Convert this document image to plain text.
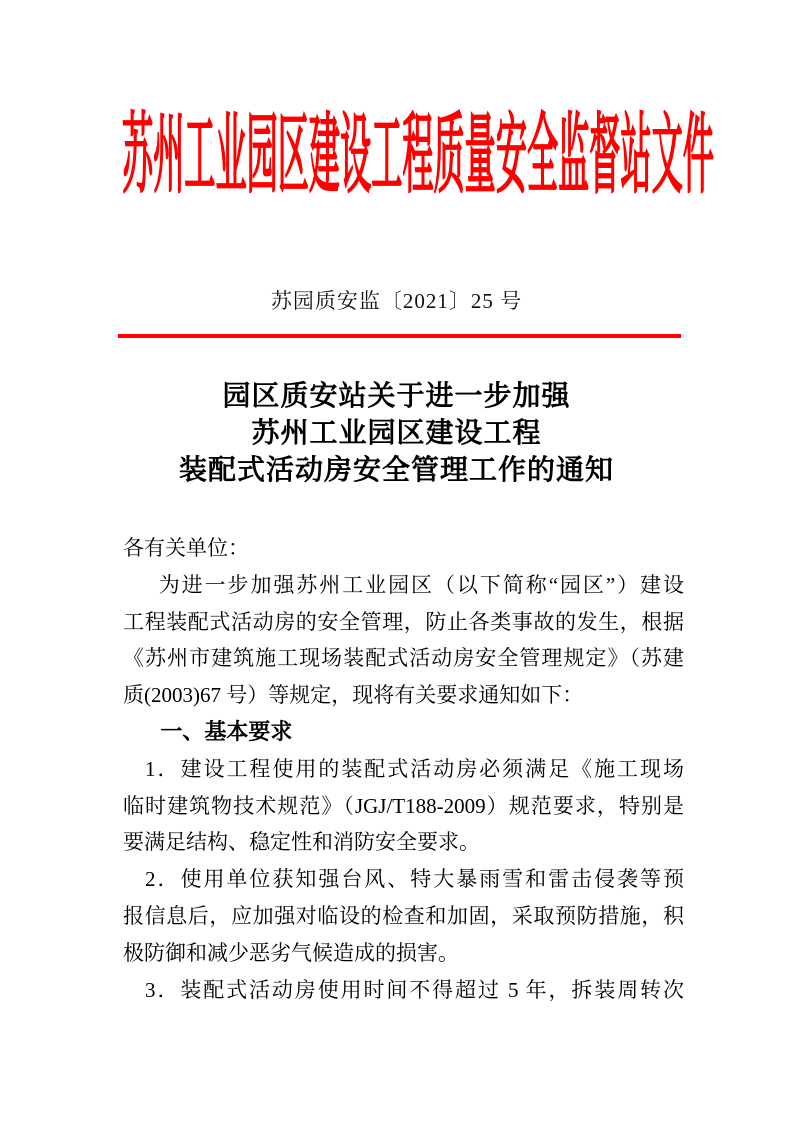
苏州工业园区建设工程质量安全监督站文件
苏园质安监〔2021〕25 号
园区质安站关于进一步加强
苏州工业园区建设工程
装配式活动房安全管理工作的通知
各有关单位：
为进一步加强苏州工业园区（以下简称“园区”）建设
工程装配式活动房的安全管理，防止各类事故的发生，根据
《苏州市建筑施工现场装配式活动房安全管理规定》（苏建
质(2003)67 号）等规定，现将有关要求通知如下：
一、基本要求
1．建设工程使用的装配式活动房必须满足《施工现场
临时建筑物技术规范》（JGJ/T188-2009）规范要求，特别是
要满足结构、稳定性和消防安全要求。
2．使用单位获知强台风、特大暴雨雪和雷击侵袭等预
报信息后，应加强对临设的检查和加固，采取预防措施，积
极防御和减少恶劣气候造成的损害。
3．装配式活动房使用时间不得超过 5 年，拆装周转次
